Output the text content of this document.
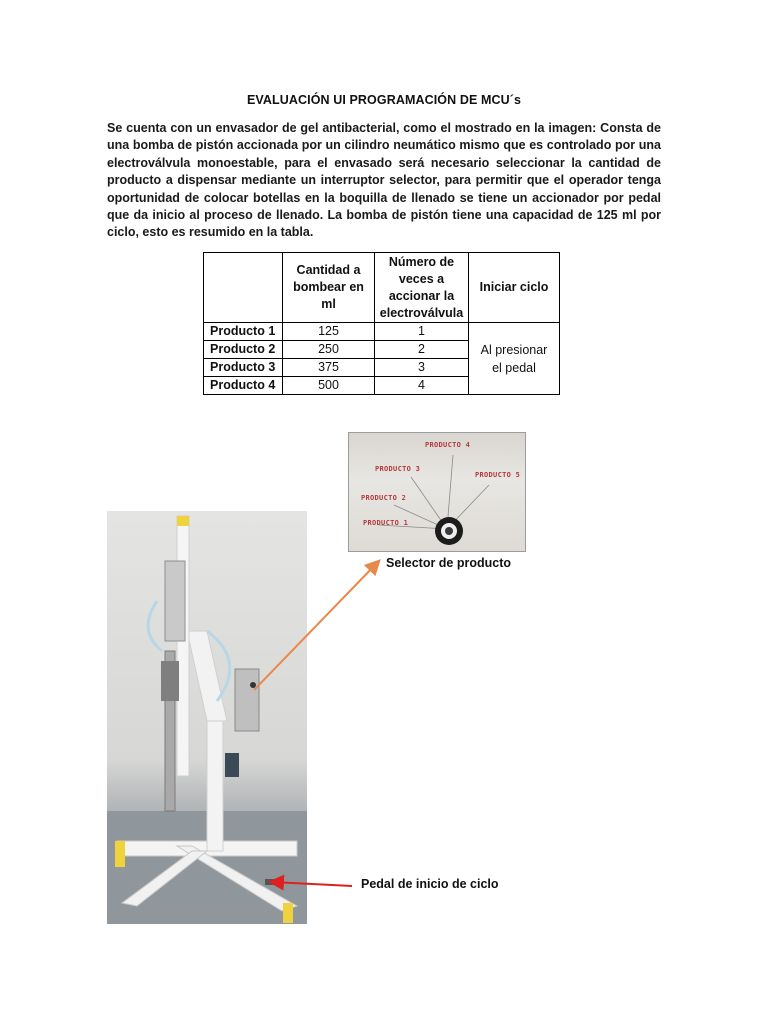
EVALUACIÓN UI PROGRAMACIÓN DE MCU´s
Se cuenta con un envasador de gel antibacterial, como el mostrado en la imagen: Consta de una bomba de pistón accionada por un cilindro neumático mismo que es controlado por una electroválvula monoestable, para el envasado será necesario seleccionar la cantidad de producto a dispensar mediante un interruptor selector, para permitir que el operador tenga oportunidad de colocar botellas en la boquilla de llenado se tiene un accionador por pedal que da inicio al proceso de llenado. La bomba de pistón tiene una capacidad de 125 ml por ciclo, esto es resumido en la tabla.
	Cantidad a bombear en ml	Número de veces a accionar la electroválvula	Iniciar ciclo
Producto 1	125	1	Al presionar el pedal
Producto 2	250	2	
Producto 3	375	3	
Producto 4	500	4	
PRODUCTO 1
PRODUCTO 2
PRODUCTO 3
PRODUCTO 4
PRODUCTO 5
Selector de producto
Pedal de inicio de ciclo
